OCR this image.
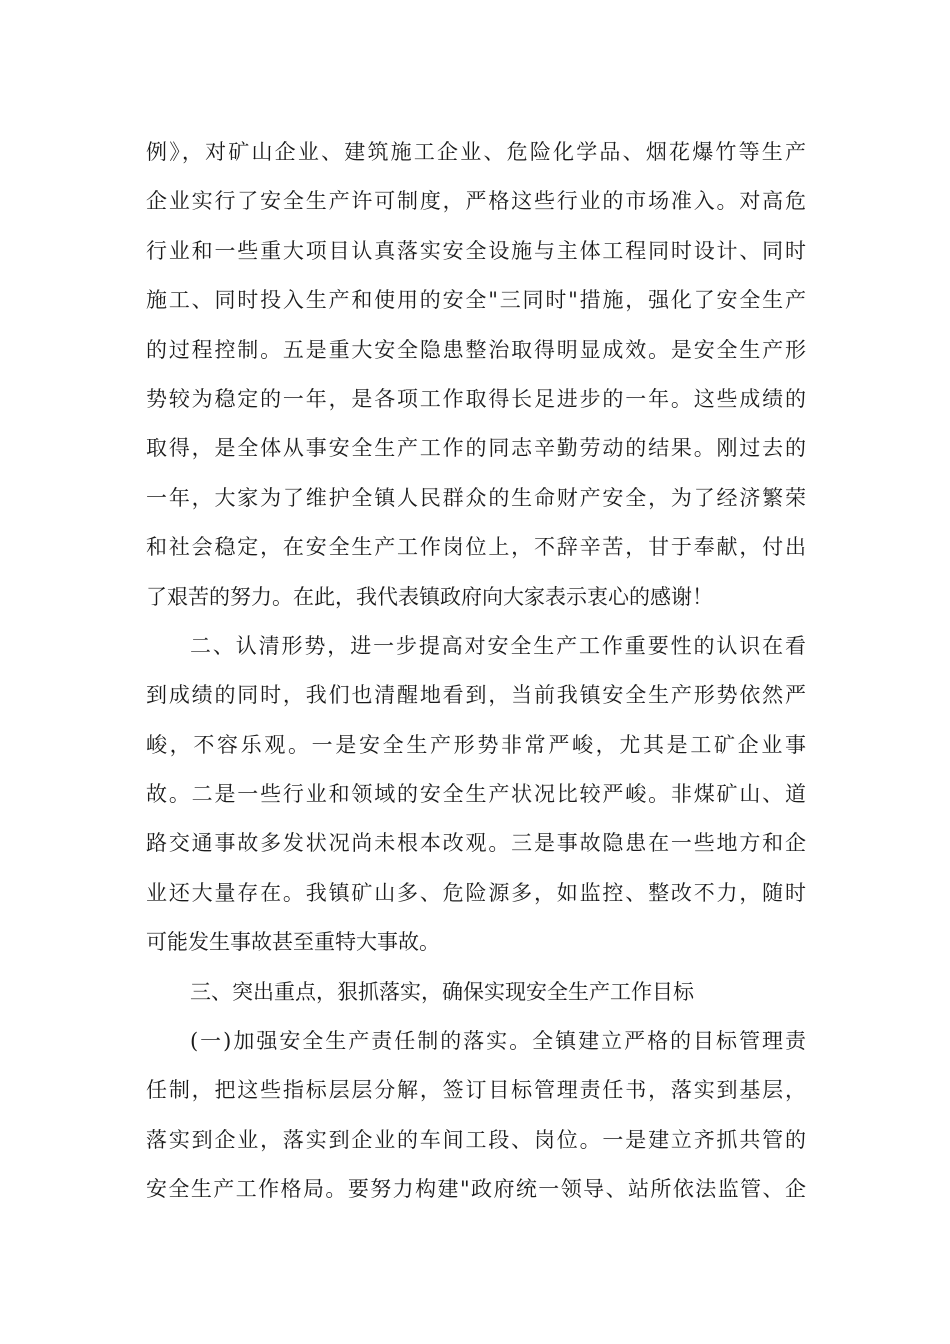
例》，对矿山企业、建筑施工企业、危险化学品、烟花爆竹等生产
企业实行了安全生产许可制度，严格这些行业的市场准入。对高危
行业和一些重大项目认真落实安全设施与主体工程同时设计、同时
施工、同时投入生产和使用的安全"三同时"措施，强化了安全生产
的过程控制。五是重大安全隐患整治取得明显成效。是安全生产形
势较为稳定的一年，是各项工作取得长足进步的一年。这些成绩的
取得，是全体从事安全生产工作的同志辛勤劳动的结果。刚过去的
一年，大家为了维护全镇人民群众的生命财产安全，为了经济繁荣
和社会稳定，在安全生产工作岗位上，不辞辛苦，甘于奉献，付出
了艰苦的努力。在此，我代表镇政府向大家表示衷心的感谢！
二、认清形势，进一步提高对安全生产工作重要性的认识在看
到成绩的同时，我们也清醒地看到，当前我镇安全生产形势依然严
峻，不容乐观。一是安全生产形势非常严峻，尤其是工矿企业事
故。二是一些行业和领域的安全生产状况比较严峻。非煤矿山、道
路交通事故多发状况尚未根本改观。三是事故隐患在一些地方和企
业还大量存在。我镇矿山多、危险源多，如监控、整改不力，随时
可能发生事故甚至重特大事故。
三、突出重点，狠抓落实，确保实现安全生产工作目标
(一)加强安全生产责任制的落实。全镇建立严格的目标管理责
任制，把这些指标层层分解，签订目标管理责任书，落实到基层，
落实到企业，落实到企业的车间工段、岗位。一是建立齐抓共管的
安全生产工作格局。要努力构建"政府统一领导、站所依法监管、企
